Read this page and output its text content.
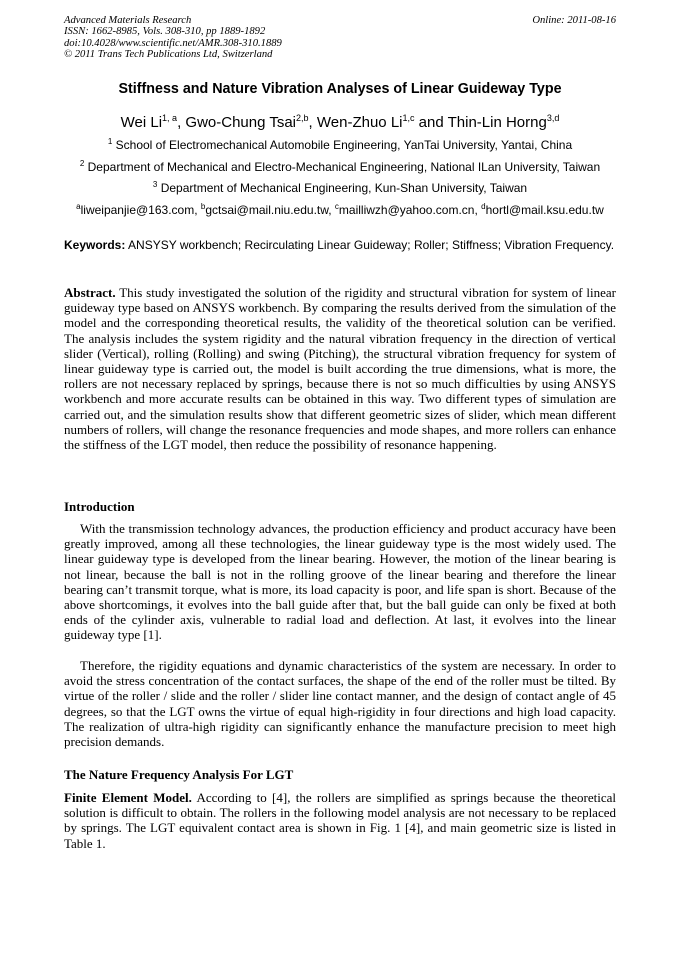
Advanced Materials Research
ISSN: 1662-8985, Vols. 308-310, pp 1889-1892
doi:10.4028/www.scientific.net/AMR.308-310.1889
© 2011 Trans Tech Publications Ltd, Switzerland
Online: 2011-08-16
Stiffness and Nature Vibration Analyses of Linear Guideway Type
Wei Li$^{1, a}$, Gwo-Chung Tsai$^{2,b}$, Wen-Zhuo Li$^{1,c}$ and Thin-Lin Horng$^{3,d}$
$^1$ School of Electromechanical Automobile Engineering, YanTai University, Yantai, China
$^2$ Department of Mechanical and Electro-Mechanical Engineering, National ILan University, Taiwan
$^3$ Department of Mechanical Engineering, Kun-Shan University, Taiwan
$^a$liweipanjie@163.com, $^b$gctsai@mail.niu.edu.tw, $^c$mailliwzh@yahoo.com.cn, $^d$hortl@mail.ksu.edu.tw
Keywords: ANSYSY workbench; Recirculating Linear Guideway; Roller; Stiffness; Vibration Frequency.

Abstract. This study investigated the solution of the rigidity and structural vibration for system of linear guideway type based on ANSYS workbench. By comparing the results derived from the simulation of the model and the corresponding theoretical results, the validity of the theoretical solution can be verified. The analysis includes the system rigidity and the natural vibration frequency in the direction of vertical slider (Vertical), rolling (Rolling) and swing (Pitching), the structural vibration frequency for system of linear guideway type is carried out, the model is built according the true dimensions, what is more, the rollers are not necessary replaced by springs, because there is not so much difficulties by using ANSYS workbench and more accurate results can be obtained in this way. Two different types of simulation are carried out, and the simulation results show that different geometric sizes of slider, which mean different numbers of rollers, will change the resonance frequencies and mode shapes, and more rollers can enhance the stiffness of the LGT model, then reduce the possibility of resonance happening.

Introduction

With the transmission technology advances, the production efficiency and product accuracy have been greatly improved, among all these technologies, the linear guideway type is the most widely used. The linear guideway type is developed from the linear bearing. However, the motion of the linear bearing is not linear, because the ball is not in the rolling groove of the linear bearing and therefore the linear bearing can’t transmit torque, what is more, its load capacity is poor, and life span is short. Because of the above shortcomings, it evolves into the ball guide after that, but the ball guide can only be fixed at both ends of the cylinder axis, vulnerable to radial load and deflection. At last, it evolves into the linear guideway type [1].

Therefore, the rigidity equations and dynamic characteristics of the system are necessary. In order to avoid the stress concentration of the contact surfaces, the shape of the end of the roller must be tilted. By virtue of the roller / slide and the roller / slider line contact manner, and the design of contact angle of 45 degrees, so that the LGT owns the virtue of equal high-rigidity in four directions and high load capacity. The realization of ultra-high rigidity can significantly enhance the manufacture precision to meet high precision demands.

The Nature Frequency Analysis For LGT

Finite Element Model. According to [4], the rollers are simplified as springs because the theoretical solution is difficult to obtain. The rollers in the following model analysis are not necessary to be replaced by springs. The LGT equivalent contact area is shown in Fig. 1 [4], and main geometric size is listed in Table 1.
